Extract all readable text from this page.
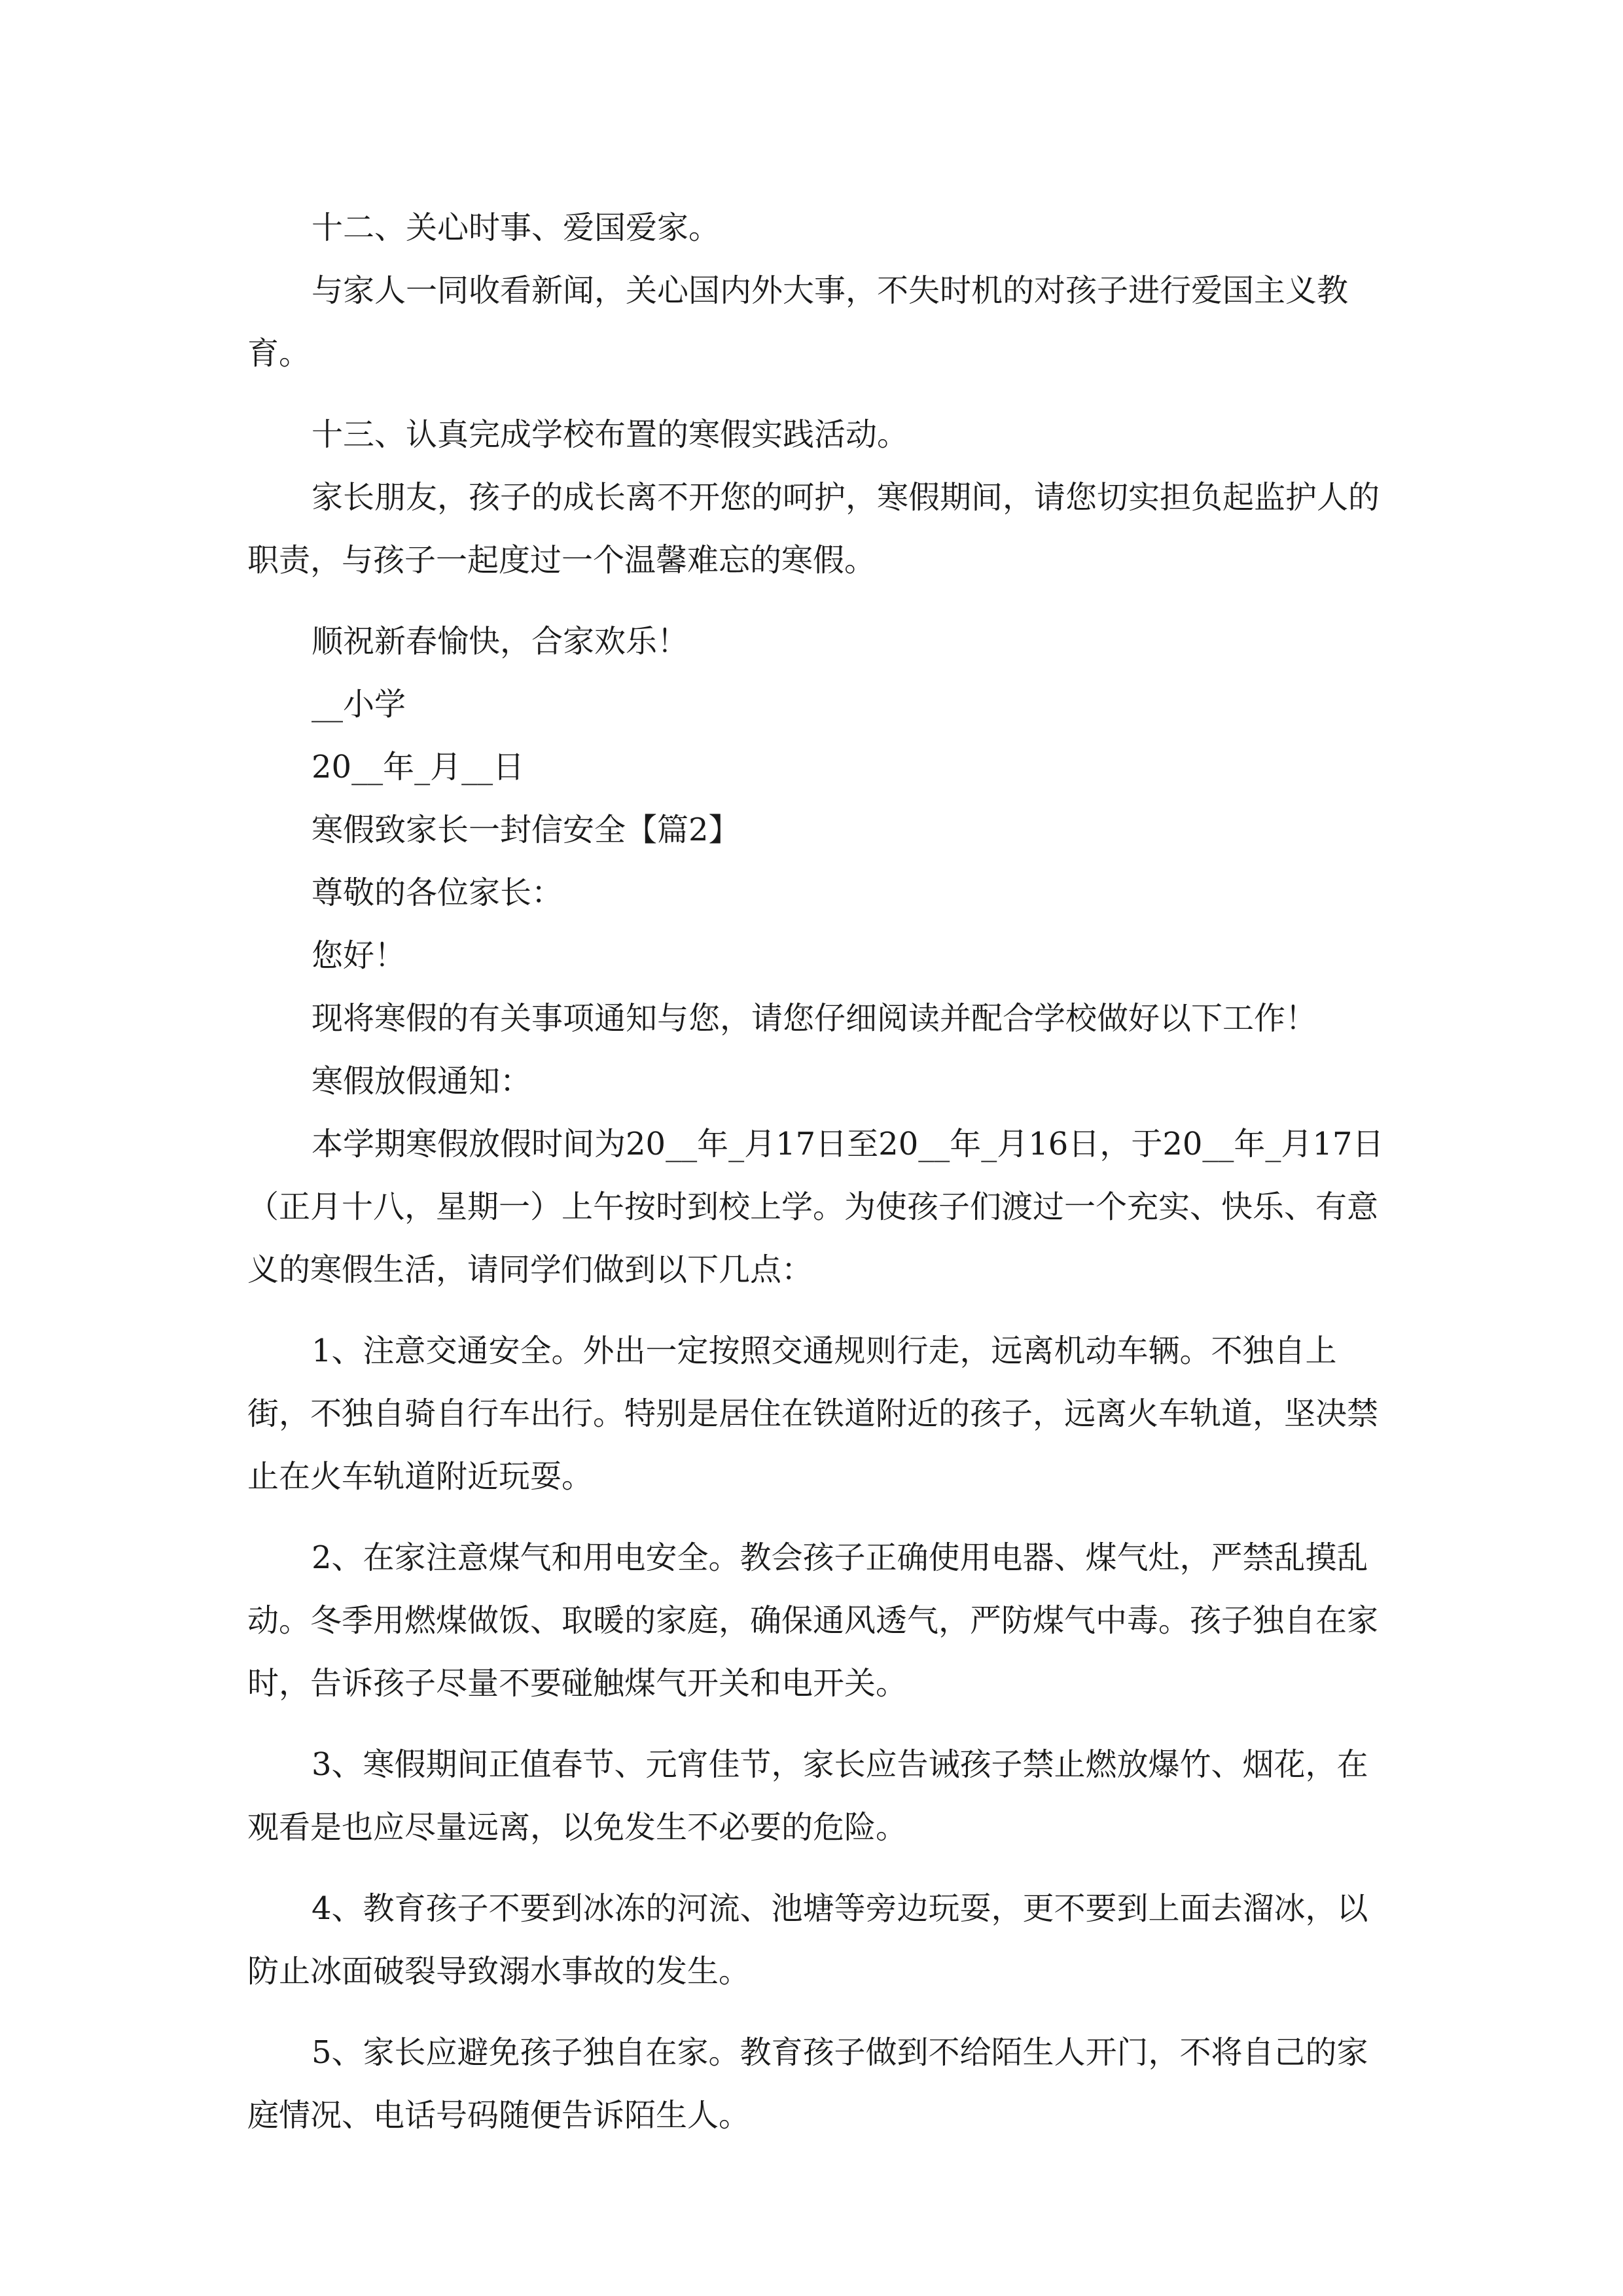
十二、关心时事、爱国爱家。

与家人一同收看新闻，关心国内外大事，不失时机的对孩子进行爱国主义教育。

十三、认真完成学校布置的寒假实践活动。

家长朋友，孩子的成长离不开您的呵护，寒假期间，请您切实担负起监护人的职责，与孩子一起度过一个温馨难忘的寒假。

顺祝新春愉快，合家欢乐！

__小学

20__年_月__日

寒假致家长一封信安全【篇2】

尊敬的各位家长：

您好！

现将寒假的有关事项通知与您，请您仔细阅读并配合学校做好以下工作！

寒假放假通知：

本学期寒假放假时间为20__年_月17日至20__年_月16日，于20__年_月17日（正月十八，星期一）上午按时到校上学。为使孩子们渡过一个充实、快乐、有意义的寒假生活，请同学们做到以下几点：

1、注意交通安全。外出一定按照交通规则行走，远离机动车辆。不独自上街，不独自骑自行车出行。特别是居住在铁道附近的孩子，远离火车轨道，坚决禁止在火车轨道附近玩耍。

2、在家注意煤气和用电安全。教会孩子正确使用电器、煤气灶，严禁乱摸乱动。冬季用燃煤做饭、取暖的家庭，确保通风透气，严防煤气中毒。孩子独自在家时，告诉孩子尽量不要碰触煤气开关和电开关。

3、寒假期间正值春节、元宵佳节，家长应告诫孩子禁止燃放爆竹、烟花，在观看是也应尽量远离，以免发生不必要的危险。

4、教育孩子不要到冰冻的河流、池塘等旁边玩耍，更不要到上面去溜冰，以防止冰面破裂导致溺水事故的发生。

5、家长应避免孩子独自在家。教育孩子做到不给陌生人开门，不将自己的家庭情况、电话号码随便告诉陌生人。
